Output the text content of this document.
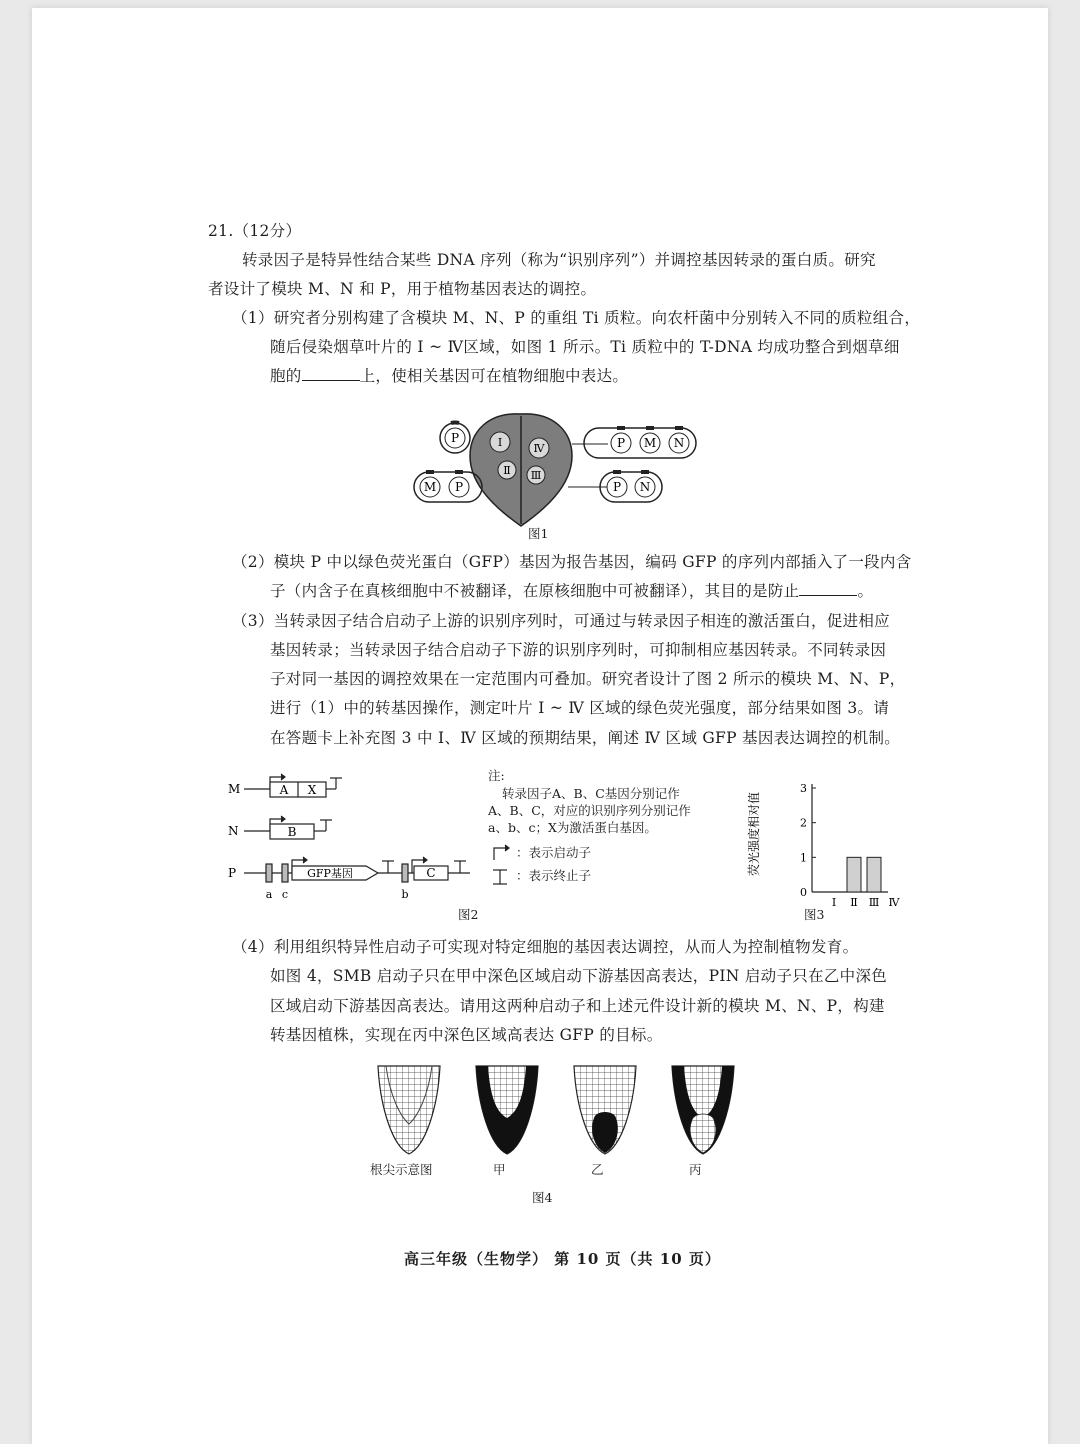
21.（12分）
转录因子是特异性结合某些 DNA 序列（称为“识别序列”）并调控基因转录的蛋白质。研究
者设计了模块 M、N 和 P，用于植物基因表达的调控。
（1）研究者分别构建了含模块 M、N、P 的重组 Ti 质粒。向农杆菌中分别转入不同的质粒组合，
随后侵染烟草叶片的 Ⅰ ~ Ⅳ区域，如图 1 所示。Ti 质粒中的 T-DNA 均成功整合到烟草细
胞的	上，使相关基因可在植物细胞中表达。
Ⅰ	Ⅳ
Ⅱ Ⅲ
P
M P
P M N
P N
图1
（2）模块 P 中以绿色荧光蛋白（GFP）基因为报告基因，编码 GFP 的序列内部插入了一段内含
子（内含子在真核细胞中不被翻译，在原核细胞中可被翻译），其目的是防止	。
（3）当转录因子结合启动子上游的识别序列时，可通过与转录因子相连的激活蛋白，促进相应
基因转录；当转录因子结合启动子下游的识别序列时，可抑制相应基因转录。不同转录因
子对同一基因的调控效果在一定范围内可叠加。研究者设计了图 2 所示的模块 M、N、P，
进行（1）中的转基因操作，测定叶片 Ⅰ ~ Ⅳ 区域的绿色荧光强度，部分结果如图 3。请
在答题卡上补充图 3 中 Ⅰ、Ⅳ 区域的预期结果，阐述 Ⅳ 区域 GFP 基因表达调控的机制。
M
N
P
A X
B
GFP基因	C
a c	b
注:
转录因子A、B、C基因分别记作
A、B、C，对应的识别序列分别记作
a、b、c；X为激活蛋白基因。
：表示启动子
：表示终止子
图2
荧光强度相对值
0
1
2
3
Ⅰ Ⅱ Ⅲ Ⅳ
图3
（4）利用组织特异性启动子可实现对特定细胞的基因表达调控，从而人为控制植物发育。
如图 4，SMB 启动子只在甲中深色区域启动下游基因高表达，PIN 启动子只在乙中深色
区域启动下游基因高表达。请用这两种启动子和上述元件设计新的模块 M、N、P，构建
转基因植株，实现在丙中深色区域高表达 GFP 的目标。
根尖示意图	甲	乙	丙
图4
高三年级（生物学） 第 10 页（共 10 页）
